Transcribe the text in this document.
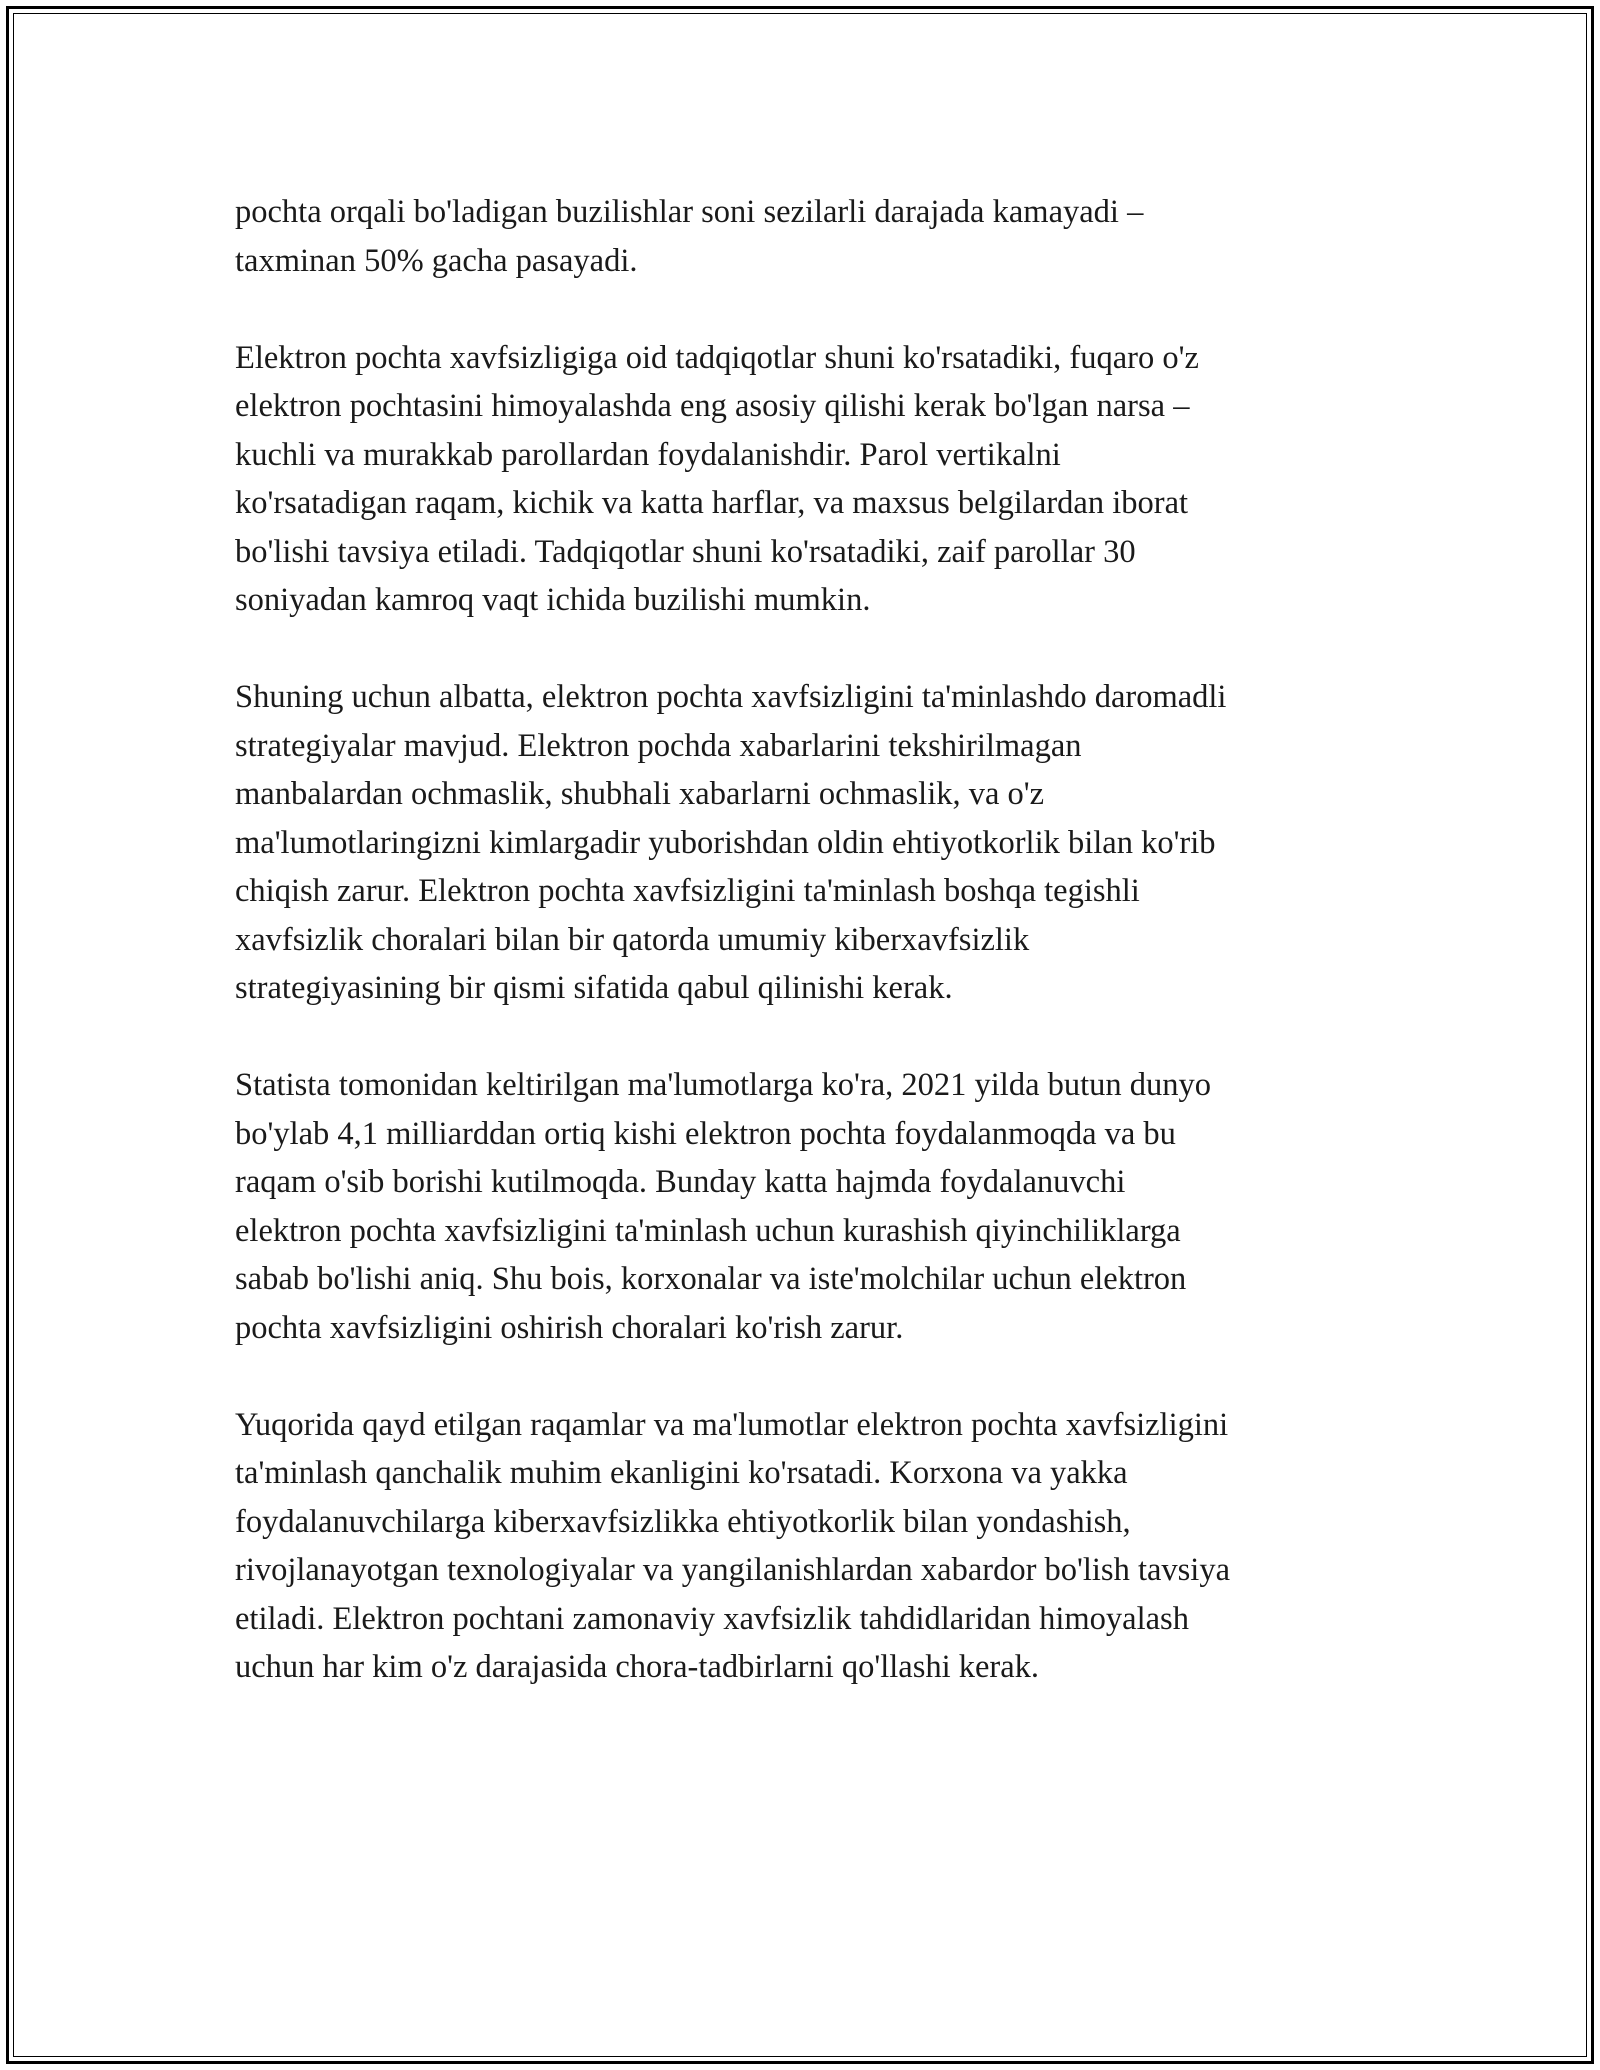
pochta orqali bo'ladigan buzilishlar soni sezilarli darajada kamayadi –
taxminan 50% gacha pasayadi.

Elektron pochta xavfsizligiga oid tadqiqotlar shuni ko'rsatadiki, fuqaro o'z
elektron pochtasini himoyalashda eng asosiy qilishi kerak bo'lgan narsa –
kuchli va murakkab parollardan foydalanishdir. Parol vertikalni
ko'rsatadigan raqam, kichik va katta harflar, va maxsus belgilardan iborat
bo'lishi tavsiya etiladi. Tadqiqotlar shuni ko'rsatadiki, zaif parollar 30
soniyadan kamroq vaqt ichida buzilishi mumkin.

Shuning uchun albatta, elektron pochta xavfsizligini ta'minlashdo daromadli
strategiyalar mavjud. Elektron pochda xabarlarini tekshirilmagan
manbalardan ochmaslik, shubhali xabarlarni ochmaslik, va o'z
ma'lumotlaringizni kimlargadir yuborishdan oldin ehtiyotkorlik bilan ko'rib
chiqish zarur. Elektron pochta xavfsizligini ta'minlash boshqa tegishli
xavfsizlik choralari bilan bir qatorda umumiy kiberxavfsizlik
strategiyasining bir qismi sifatida qabul qilinishi kerak.

Statista tomonidan keltirilgan ma'lumotlarga ko'ra, 2021 yilda butun dunyo
bo'ylab 4,1 milliarddan ortiq kishi elektron pochta foydalanmoqda va bu
raqam o'sib borishi kutilmoqda. Bunday katta hajmda foydalanuvchi
elektron pochta xavfsizligini ta'minlash uchun kurashish qiyinchiliklarga
sabab bo'lishi aniq. Shu bois, korxonalar va iste'molchilar uchun elektron
pochta xavfsizligini oshirish choralari ko'rish zarur.

Yuqorida qayd etilgan raqamlar va ma'lumotlar elektron pochta xavfsizligini
ta'minlash qanchalik muhim ekanligini ko'rsatadi. Korxona va yakka
foydalanuvchilarga kiberxavfsizlikka ehtiyotkorlik bilan yondashish,
rivojlanayotgan texnologiyalar va yangilanishlardan xabardor bo'lish tavsiya
etiladi. Elektron pochtani zamonaviy xavfsizlik tahdidlaridan himoyalash
uchun har kim o'z darajasida chora-tadbirlarni qo'llashi kerak.
